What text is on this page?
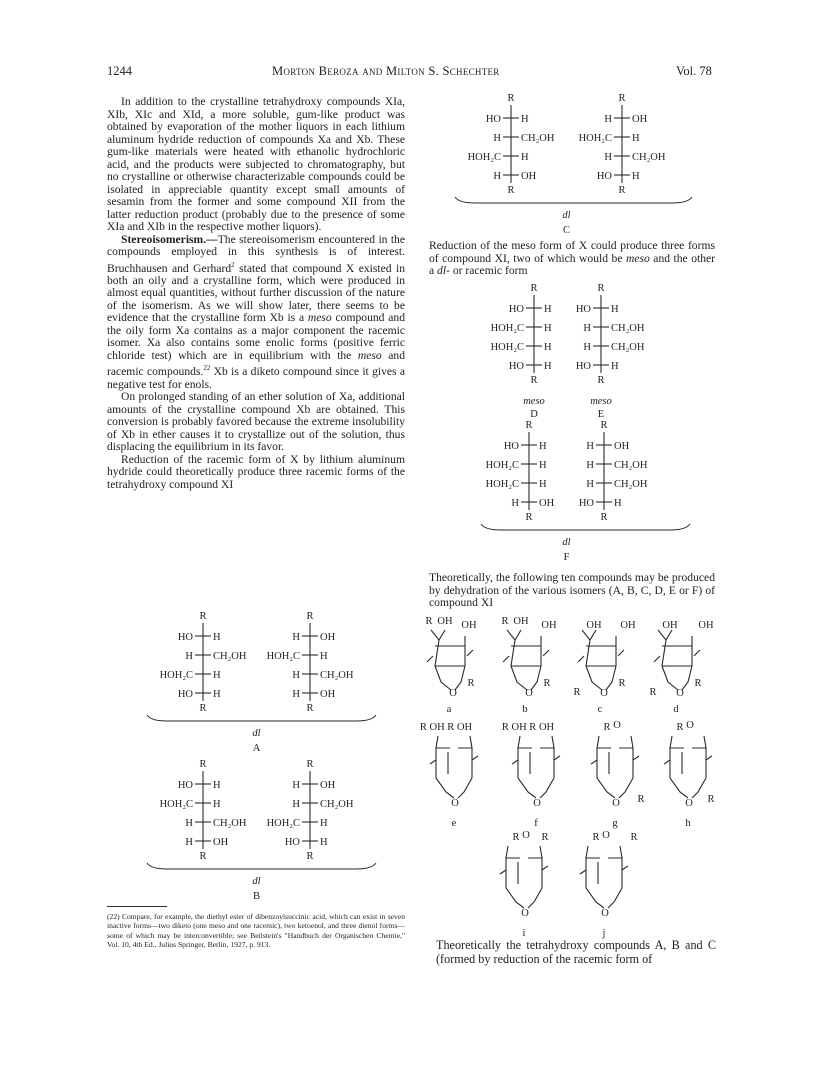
1244	Morton Beroza and Milton S. Schechter	Vol. 78

In addition to the crystalline tetrahydroxy compounds XIa, XIb, XIc and XId, a more soluble, gum-like product was obtained by evaporation of the mother liquors in each lithium aluminum hydride reduction of compounds Xa and Xb. These gum-like materials were heated with ethanolic hydrochloric acid, and the products were subjected to chromatography, but no crystalline or otherwise characterizable compounds could be isolated in appreciable quantity except small amounts of sesamin from the former and some compound XII from the latter reduction product (probably due to the presence of some XIa and XIb in the respective mother liquors).

Stereoisomerism.—The stereoisomerism encountered in the compounds employed in this synthesis is of interest. Bruchhausen and Gerhard$^2$ stated that compound X existed in both an oily and a crystalline form, which were produced in almost equal quantities, without further discussion of the nature of the isomerism. As we will show later, there seems to be evidence that the crystalline form Xb is a meso compound and the oily form Xa contains as a major component the racemic isomer. Xa also contains some enolic forms (positive ferric chloride test) which are in equilibrium with the meso and racemic compounds.$^{22}$ Xb is a diketo compound since it gives a negative test for enols.

On prolonged standing of an ether solution of Xa, additional amounts of the crystalline compound Xb are obtained. This conversion is probably favored because the extreme insolubility of Xb in ether causes it to crystallize out of the solution, thus displacing the equilibrium in its favor.

Reduction of the racemic form of X by lithium aluminum hydride could theoretically produce three racemic forms of the tetrahydroxy compound XI

(22) Compare, for example, the diethyl ester of dibenzoylsuccinic acid, which can exist in seven inactive forms—two diketo (one meso and one racemic), two ketoenol, and three dienol forms—some of which may be interconvertible; see Beilstein's "Handbuch der Organischen Chemie," Vol. 10, 4th Ed., Julius Springer, Berlin, 1927, p. 913.

Reduction of the meso form of X could produce three forms of compound XI, two of which would be meso and the other a dl- or racemic form

Theoretically, the following ten compounds may be produced by dehydration of the various isomers (A, B, C, D, E or F) of compound XI

Theoretically the tetrahydroxy compounds A, B and C (formed by reduction of the racemic form of

R
HO H
H CH₂OH
HOH₂C H
HO H
R
R
H OH
HOH₂C H
H CH₂OH
H OH
R
dl
A
R
HO H
HOH₂C H
H CH₂OH
H OH
R
R
H OH
H CH₂OH
HOH₂C H
HO H
R
dl
B
R
HO H
H CH₂OH
HOH₂C H
H OH
R
R
H OH
HOH₂C H
H CH₂OH
HO H
R
dl
C
R
HO H
HOH₂C H
HOH₂C H
HO H
R
meso
D
R
HO H
H CH₂OH
H CH₂OH
HO H
R
meso
E
R
HO H
HOH₂C H
HOH₂C H
H OH
R
R
H OH
H CH₂OH
H CH₂OH
HO H
R
dl
F
R OH OH
O
R
a
R OH OH
O
R
b
OH OH
O
R
c
OH OH
O
R
d
R	R
R OH R OH
O
e
R OH R OH
O
f
R O
O
g
R O
O
h
R	R
R O
O
i
R O
O
j
R	R
